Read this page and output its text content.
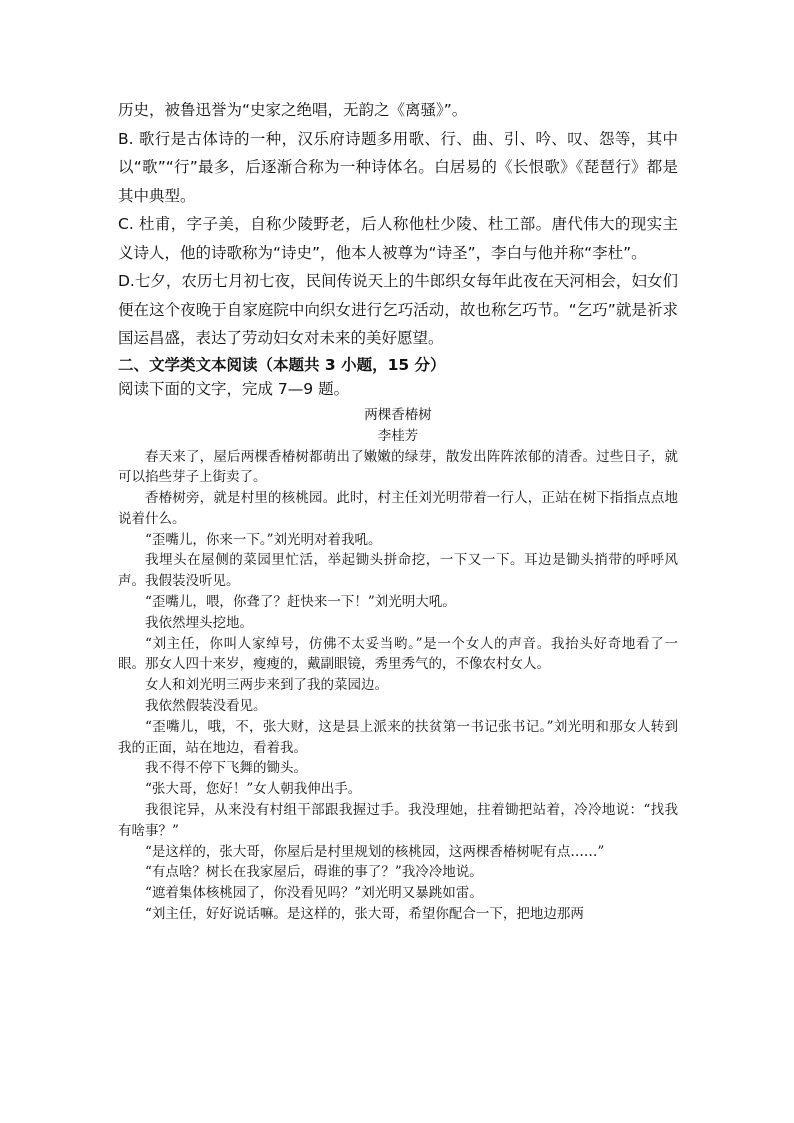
历史，被鲁迅誉为“史家之绝唱，无韵之《离骚》”。

B. 歌行是古体诗的一种，汉乐府诗题多用歌、行、曲、引、吟、叹、怨等，其中以“歌”“行”最多，后逐渐合称为一种诗体名。白居易的《长恨歌》《琵琶行》都是其中典型。

C. 杜甫，字子美，自称少陵野老，后人称他杜少陵、杜工部。唐代伟大的现实主义诗人，他的诗歌称为“诗史”，他本人被尊为“诗圣”，李白与他并称“李杜”。

D.七夕，农历七月初七夜，民间传说天上的牛郎织女每年此夜在天河相会，妇女们便在这个夜晚于自家庭院中向织女进行乞巧活动，故也称乞巧节。“乞巧”就是祈求国运昌盛，表达了劳动妇女对未来的美好愿望。

二、文学类文本阅读（本题共 3 小题，15 分）

阅读下面的文字，完成 7—9 题。

两棵香椿树

李桂芳

春天来了，屋后两棵香椿树都萌出了嫩嫩的绿芽，散发出阵阵浓郁的清香。过些日子，就可以掐些芽子上街卖了。

香椿树旁，就是村里的核桃园。此时，村主任刘光明带着一行人，正站在树下指指点点地说着什么。

“歪嘴儿，你来一下。”刘光明对着我吼。

我埋头在屋侧的菜园里忙活，举起锄头拼命挖，一下又一下。耳边是锄头捎带的呼呼风声。我假装没听见。

“歪嘴儿，喂，你聋了？赶快来一下！”刘光明大吼。

我依然埋头挖地。

“刘主任，你叫人家绰号，仿佛不太妥当哟。”是一个女人的声音。我抬头好奇地看了一眼。那女人四十来岁，瘦瘦的，戴副眼镜，秀里秀气的，不像农村女人。

女人和刘光明三两步来到了我的菜园边。

我依然假装没看见。

“歪嘴儿，哦，不，张大财，这是县上派来的扶贫第一书记张书记。”刘光明和那女人转到我的正面，站在地边，看着我。

我不得不停下飞舞的锄头。

“张大哥，您好！”女人朝我伸出手。

我很诧异，从来没有村组干部跟我握过手。我没理她，拄着锄把站着，冷冷地说：“找我有啥事？”

“是这样的，张大哥，你屋后是村里规划的核桃园，这两棵香椿树呢有点……”

“有点啥？树长在我家屋后，碍谁的事了？”我冷冷地说。

“遮着集体核桃园了，你没看见吗？”刘光明又暴跳如雷。

“刘主任，好好说话嘛。是这样的，张大哥，希望你配合一下，把地边那两
